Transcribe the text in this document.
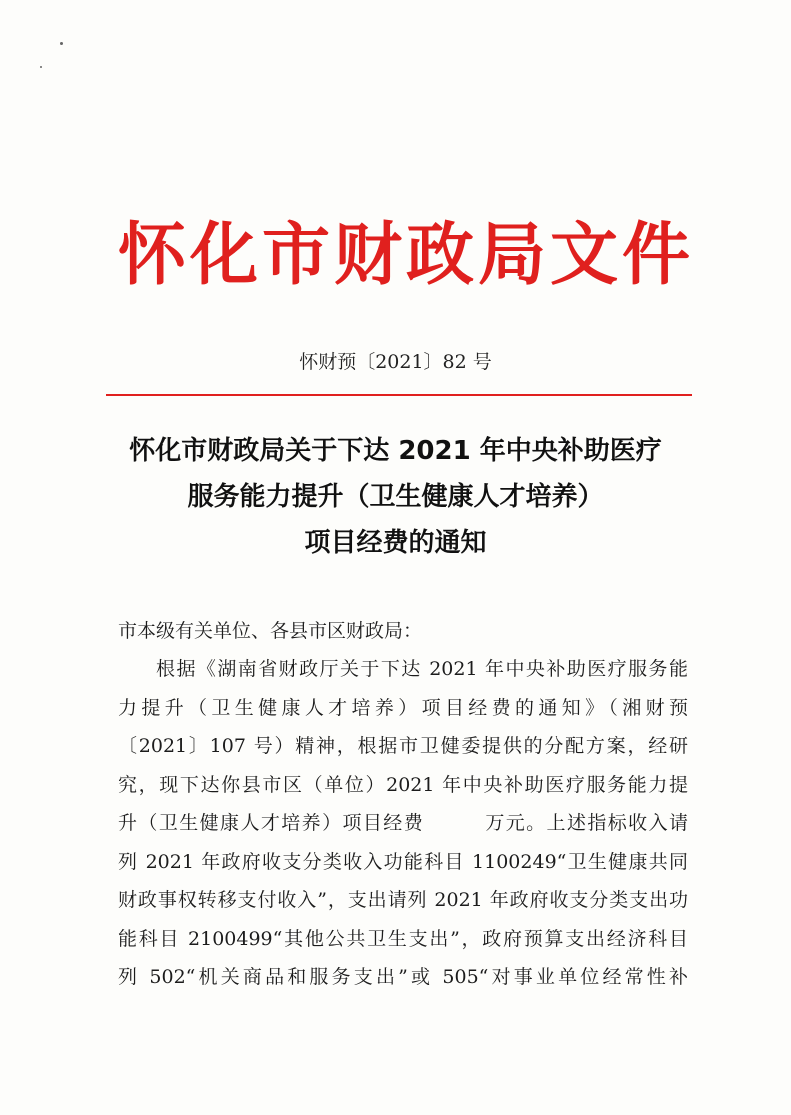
怀化市财政局文件
怀财预〔2021〕82 号
怀化市财政局关于下达 2021 年中央补助医疗
服务能力提升（卫生健康人才培养）
项目经费的通知
市本级有关单位、各县市区财政局：
根据《湖南省财政厅关于下达 2021 年中央补助医疗服务能
力提升（卫生健康人才培养）项目经费的通知》（湘财预
〔2021〕107 号）精神，根据市卫健委提供的分配方案，经研
究，现下达你县市区（单位）2021 年中央补助医疗服务能力提
升（卫生健康人才培养）项目经费　　　万元。上述指标收入请
列 2021 年政府收支分类收入功能科目 1100249“卫生健康共同
财政事权转移支付收入”，支出请列 2021 年政府收支分类支出功
能科目 2100499“其他公共卫生支出”，政府预算支出经济科目
列 502“机关商品和服务支出”或 505“对事业单位经常性补
